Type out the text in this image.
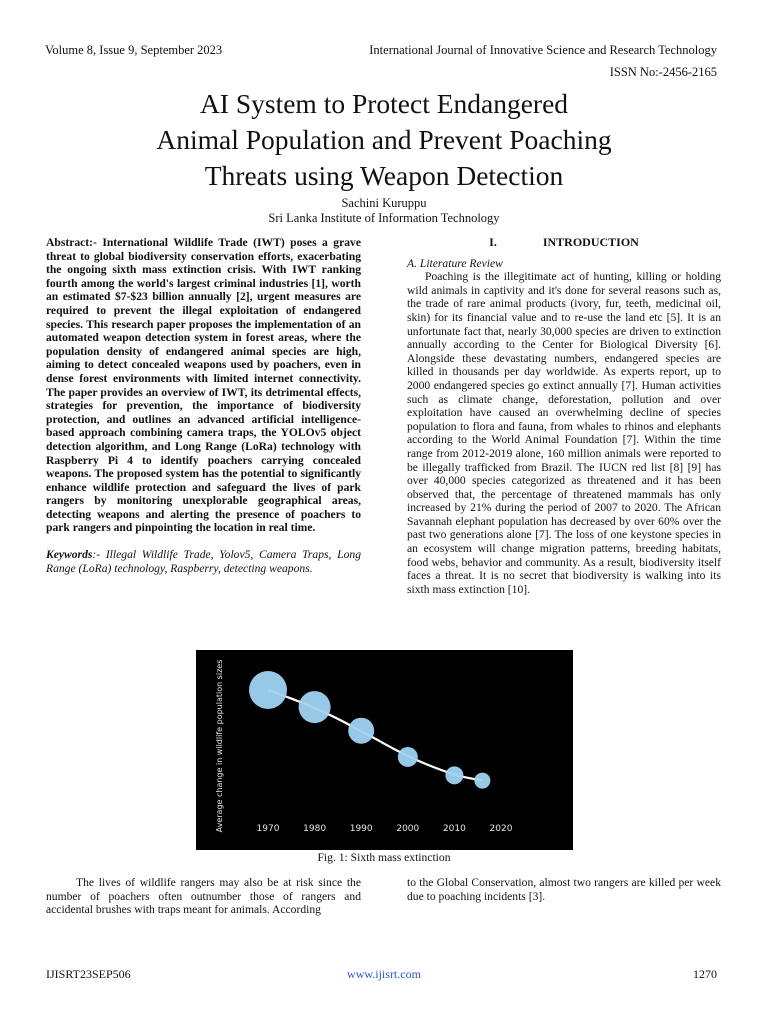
Volume 8, Issue 9, September 2023	International Journal of Innovative Science and Research Technology
ISSN No:-2456-2165
AI System to Protect Endangered
Animal Population and Prevent Poaching
Threats using Weapon Detection
Sachini Kuruppu
Sri Lanka Institute of Information Technology

Abstract:- International Wildlife Trade (IWT) poses a grave threat to global biodiversity conservation efforts, exacerbating the ongoing sixth mass extinction crisis. With IWT ranking fourth among the world's largest criminal industries [1], worth an estimated $7-$23 billion annually [2], urgent measures are required to prevent the illegal exploitation of endangered species. This research paper proposes the implementation of an automated weapon detection system in forest areas, where the population density of endangered animal species are high, aiming to detect concealed weapons used by poachers, even in dense forest environments with limited internet connectivity. The paper provides an overview of IWT, its detrimental effects, strategies for prevention, the importance of biodiversity protection, and outlines an advanced artificial intelligence-based approach combining camera traps, the YOLOv5 object detection algorithm, and Long Range (LoRa) technology with Raspberry Pi 4 to identify poachers carrying concealed weapons. The proposed system has the potential to significantly enhance wildlife protection and safeguard the lives of park rangers by monitoring unexplorable geographical areas, detecting weapons and alerting the presence of poachers to park rangers and pinpointing the location in real time.

Keywords:- Illegal Wildlife Trade, Yolov5, Camera Traps, Long Range (LoRa) technology, Raspberry, detecting weapons.

I.	INTRODUCTION
A. Literature Review

Poaching is the illegitimate act of hunting, killing or holding wild animals in captivity and it's done for several reasons such as, the trade of rare animal products (ivory, fur, teeth, medicinal oil, skin) for its financial value and to re-use the land etc [5]. It is an unfortunate fact that, nearly 30,000 species are driven to extinction annually according to the Center for Biological Diversity [6]. Alongside these devastating numbers, endangered species are killed in thousands per day worldwide. As experts report, up to 2000 endangered species go extinct annually [7]. Human activities such as climate change, deforestation, pollution and over exploitation have caused an overwhelming decline of species population to flora and fauna, from whales to rhinos and elephants according to the World Animal Foundation [7]. Within the time range from 2012-2019 alone, 160 million animals were reported to be illegally trafficked from Brazil. The IUCN red list [8] [9] has over 40,000 species categorized as threatened and it has been observed that, the percentage of threatened mammals has only increased by 21% during the period of 2007 to 2020. The African Savannah elephant population has decreased by over 60% over the past two generations alone [7]. The loss of one keystone species in an ecosystem will change migration patterns, breeding habitats, food webs, behavior and community. As a result, biodiversity itself faces a threat. It is no secret that biodiversity is walking into its sixth mass extinction [10].

Average change in wildlife population sizes	1970	1980	1990	2000	2010	2020
Fig. 1: Sixth mass extinction

The lives of wildlife rangers may also be at risk since the number of poachers often outnumber those of rangers and accidental brushes with traps meant for animals. According

to the Global Conservation, almost two rangers are killed per week due to poaching incidents [3].

IJISRT23SEP506	www.ijisrt.com	1270
